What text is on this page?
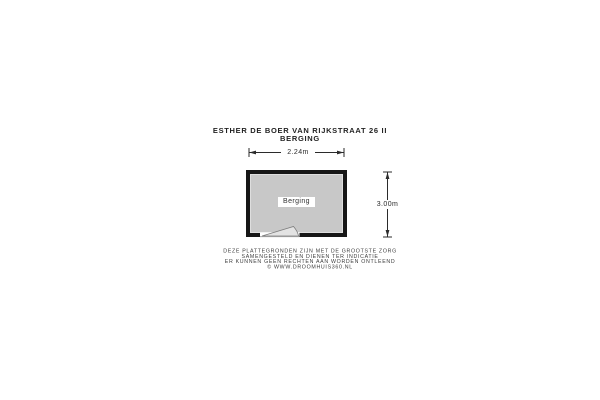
ESTHER DE BOER VAN RIJKSTRAAT 26 II
BERGING
2.24m
3.00m
Berging
DEZE PLATTEGRONDEN ZIJN MET DE GROOTSTE ZORG
SAMENGESTELD EN DIENEN TER INDICATIE
ER KUNNEN GEEN RECHTEN AAN WORDEN ONTLEEND
© WWW.DROOMHUIS360.NL
